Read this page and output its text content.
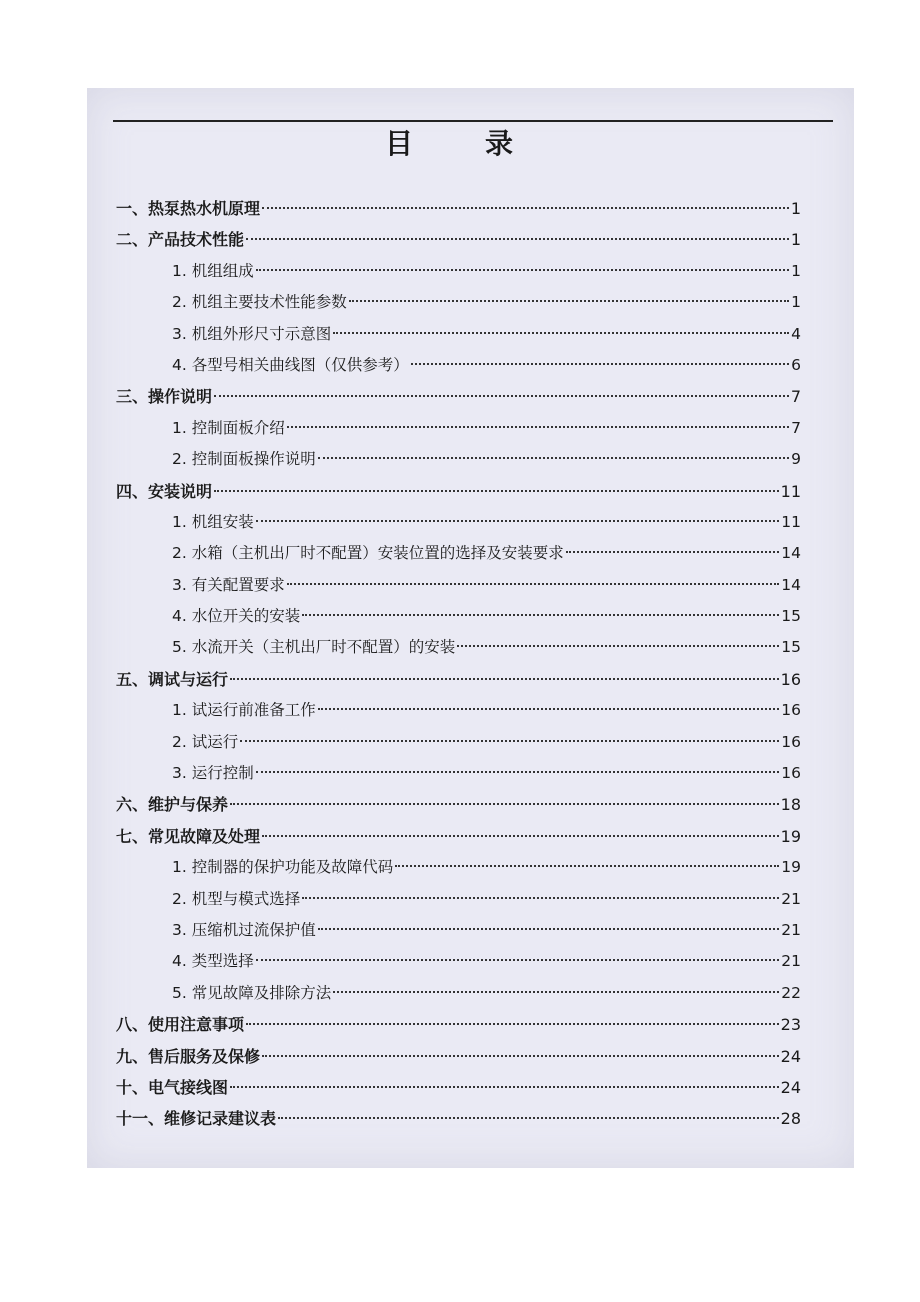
目　录
一、热泵热水机原理	1
二、产品技术性能	1
1. 机组组成	1
2. 机组主要技术性能参数	1
3. 机组外形尺寸示意图	4
4. 各型号相关曲线图（仅供参考）	6
三、操作说明	7
1. 控制面板介绍	7
2. 控制面板操作说明	9
四、安装说明	11
1. 机组安装	11
2. 水箱（主机出厂时不配置）安装位置的选择及安装要求	14
3. 有关配置要求	14
4. 水位开关的安装	15
5. 水流开关（主机出厂时不配置）的安装	15
五、调试与运行	16
1. 试运行前准备工作	16
2. 试运行	16
3. 运行控制	16
六、维护与保养	18
七、常见故障及处理	19
1. 控制器的保护功能及故障代码	19
2. 机型与模式选择	21
3. 压缩机过流保护值	21
4. 类型选择	21
5. 常见故障及排除方法	22
八、使用注意事项	23
九、售后服务及保修	24
十、电气接线图	24
十一、维修记录建议表	28
